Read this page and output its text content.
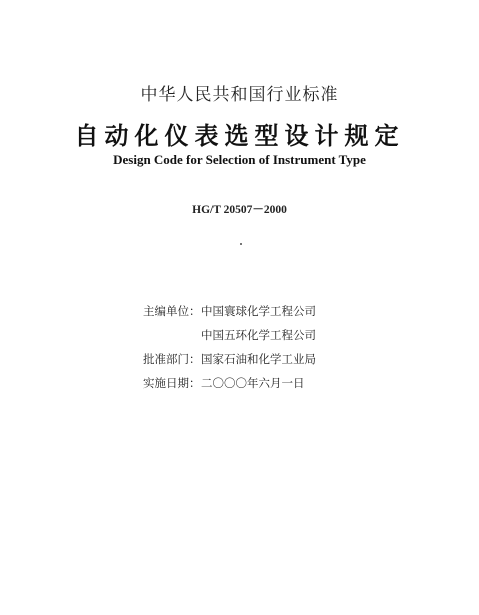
中华人民共和国行业标准
自动化仪表选型设计规定
Design Code for Selection of Instrument Type
HG/T 20507－2000
主编单位：中国寰球化学工程公司
中国五环化学工程公司
批准部门：国家石油和化学工业局
实施日期：二〇〇〇年六月一日
